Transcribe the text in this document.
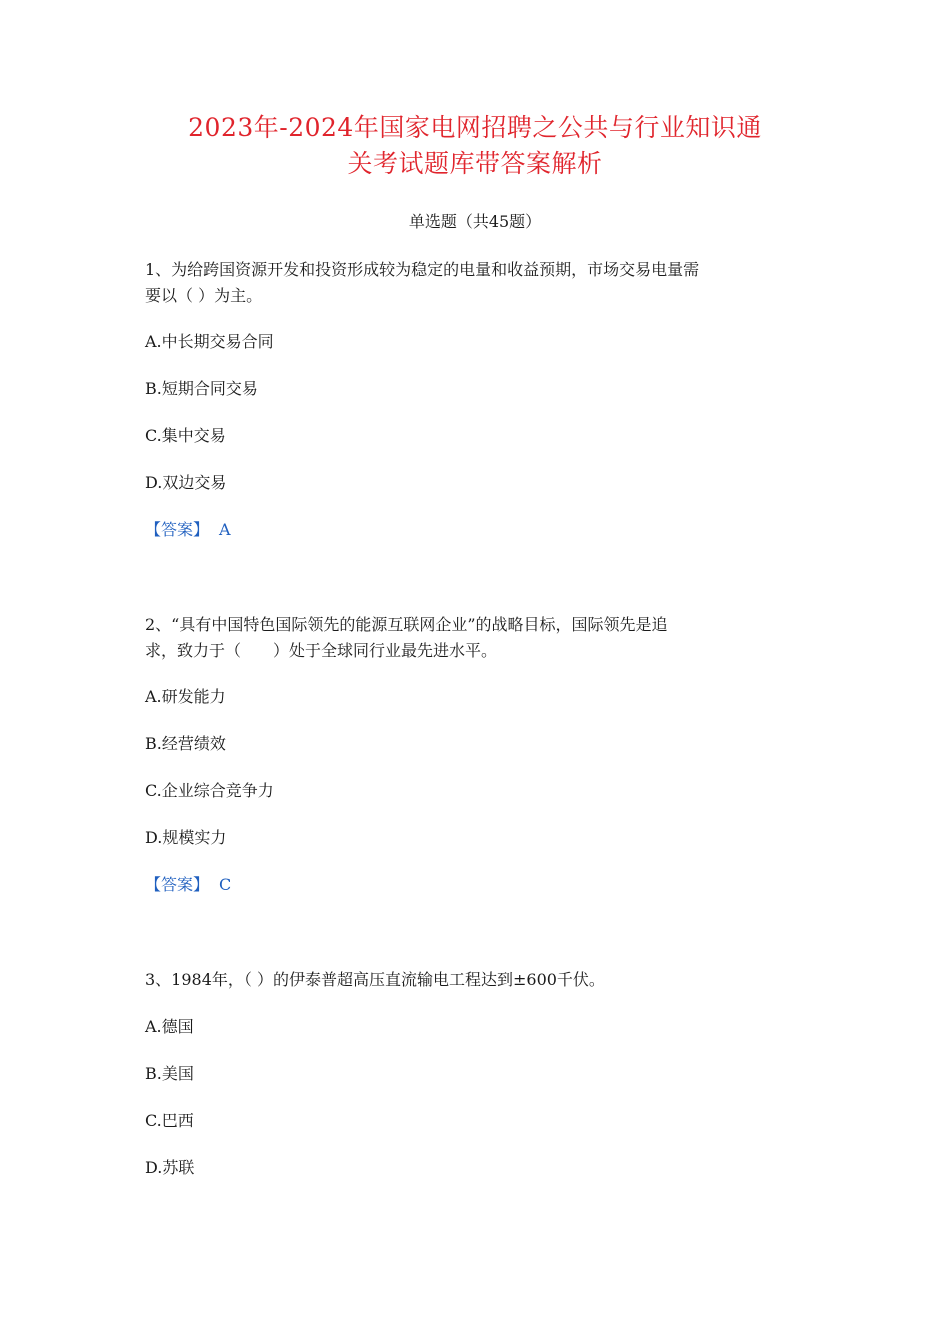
2023年-2024年国家电网招聘之公共与行业知识通
关考试题库带答案解析
单选题（共45题）
1、为给跨国资源开发和投资形成较为稳定的电量和收益预期，市场交易电量需
要以（ ）为主。
A.中长期交易合同
B.短期合同交易
C.集中交易
D.双边交易
【答案】 A
2、“具有中国特色国际领先的能源互联网企业”的战略目标，国际领先是追
求，致力于（　　）处于全球同行业最先进水平。
A.研发能力
B.经营绩效
C.企业综合竞争力
D.规模实力
【答案】 C
3、1984年，（ ）的伊泰普超高压直流输电工程达到±600千伏。
A.德国
B.美国
C.巴西
D.苏联
